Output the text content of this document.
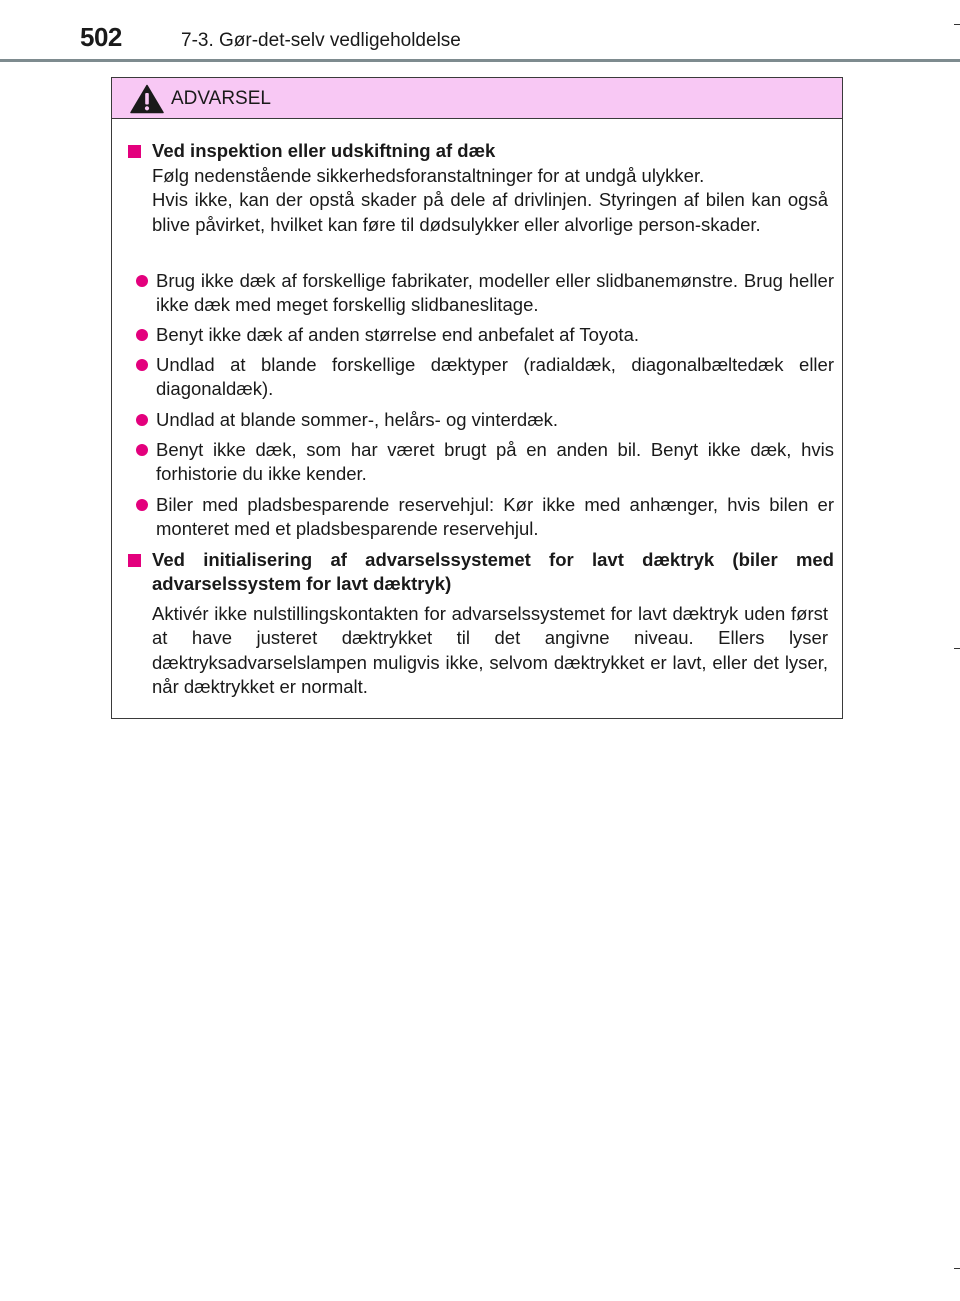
502	7-3. Gør-det-selv vedligeholdelse
ADVARSEL
Ved inspektion eller udskiftning af dæk
Følg nedenstående sikkerhedsforanstaltninger for at undgå ulykker.
Hvis ikke, kan der opstå skader på dele af drivlinjen. Styringen af bilen kan også blive påvirket, hvilket kan føre til dødsulykker eller alvorlige person-skader.
Brug ikke dæk af forskellige fabrikater, modeller eller slidbanemønstre. Brug heller ikke dæk med meget forskellig slidbaneslitage.
Benyt ikke dæk af anden størrelse end anbefalet af Toyota.
Undlad at blande forskellige dæktyper (radialdæk, diagonalbæltedæk eller diagonaldæk).
Undlad at blande sommer-, helårs- og vinterdæk.
Benyt ikke dæk, som har været brugt på en anden bil. Benyt ikke dæk, hvis forhistorie du ikke kender.
Biler med pladsbesparende reservehjul: Kør ikke med anhænger, hvis bilen er monteret med et pladsbesparende reservehjul.
Ved initialisering af advarselssystemet for lavt dæktryk (biler med advarselssystem for lavt dæktryk)
Aktivér ikke nulstillingskontakten for advarselssystemet for lavt dæktryk uden først at have justeret dæktrykket til det angivne niveau. Ellers lyser dæktryksadvarselslampen muligvis ikke, selvom dæktrykket er lavt, eller det lyser, når dæktrykket er normalt.
